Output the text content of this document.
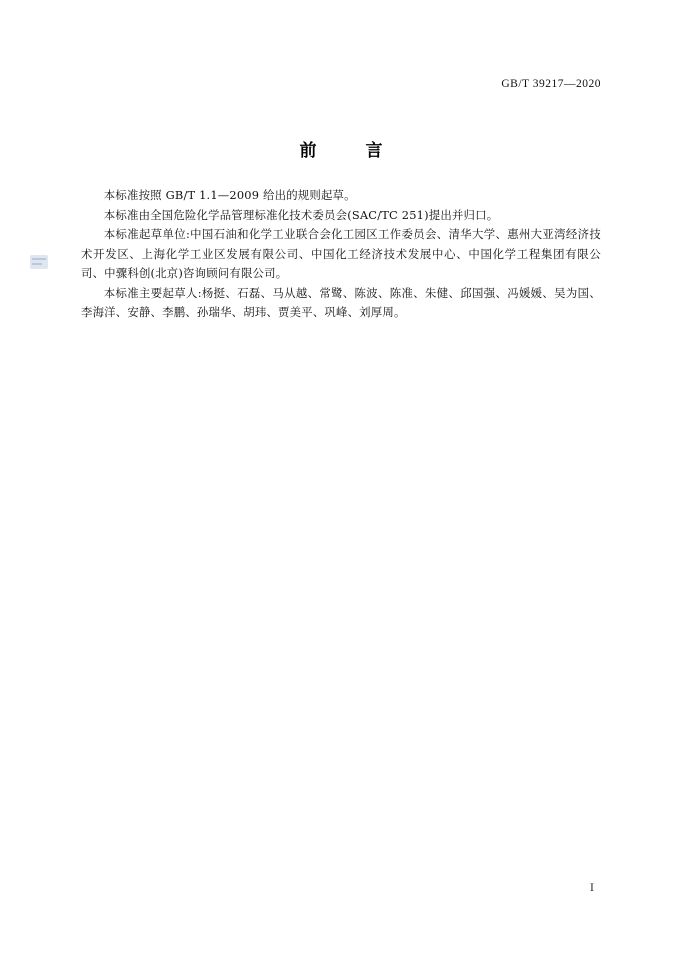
GB/T 39217—2020
前　言

本标准按照 GB/T 1.1—2009 给出的规则起草。

本标准由全国危险化学品管理标准化技术委员会(SAC/TC 251)提出并归口。

本标准起草单位:中国石油和化学工业联合会化工园区工作委员会、清华大学、惠州大亚湾经济技术开发区、上海化学工业区发展有限公司、中国化工经济技术发展中心、中国化学工程集团有限公司、中骤科创(北京)咨询顾问有限公司。

本标准主要起草人:杨挺、石磊、马从越、常鹭、陈波、陈准、朱健、邱国强、冯媛媛、吴为国、李海洋、安静、李鹏、孙瑞华、胡玮、贾美平、巩峰、刘厚周。

Ⅰ
